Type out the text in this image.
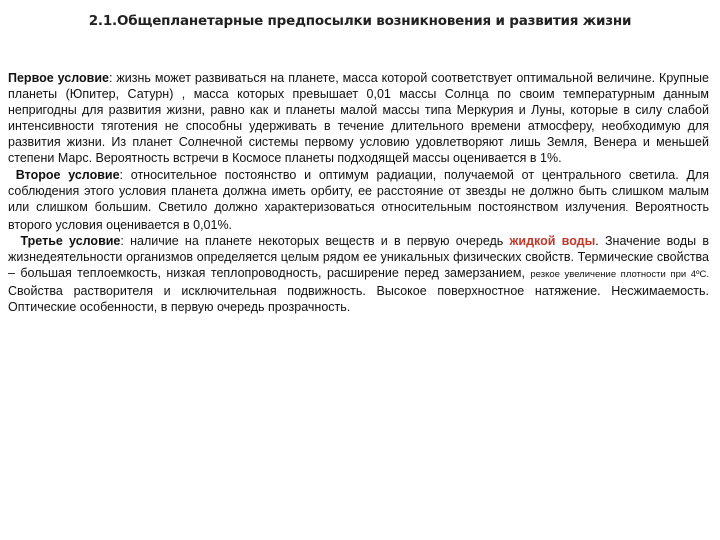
2.1.Общепланетарные предпосылки возникновения и развития жизни

Первое условие: жизнь может развиваться на планете, масса которой соответствует оптимальной величине. Крупные планеты (Юпитер, Сатурн) , масса которых превышает 0,01 массы Солнца по своим температурным данным непригодны для развития жизни, равно как и планеты малой массы типа Меркурия и Луны, которые в силу слабой интенсивности тяготения не способны удерживать в течение длительного времени атмосферу, необходимую для развития жизни. Из планет Солнечной системы первому условию удовлетворяют лишь Земля, Венера и меньшей степени Марс. Вероятность встречи в Космосе планеты подходящей массы оценивается в 1%.

Второе условие: относительное постоянство и оптимум радиации, получаемой от центрального светила. Для соблюдения этого условия планета должна иметь орбиту, ее расстояние от звезды не должно быть слишком малым или слишком большим. Светило должно характеризоваться относительным постоянством излучения. Вероятность второго условия оценивается в 0,01%.

Третье условие: наличие на планете некоторых веществ и в первую очередь жидкой воды. Значение воды в жизнедеятельности организмов определяется целым рядом ее уникальных физических свойств. Термические свойства – большая теплоемкость, низкая теплопроводность, расширение перед замерзанием, резкое увеличение плотности при 4ºС. Свойства растворителя и исключительная подвижность. Высокое поверхностное натяжение. Несжимаемость. Оптические особенности, в первую очередь прозрачность.
